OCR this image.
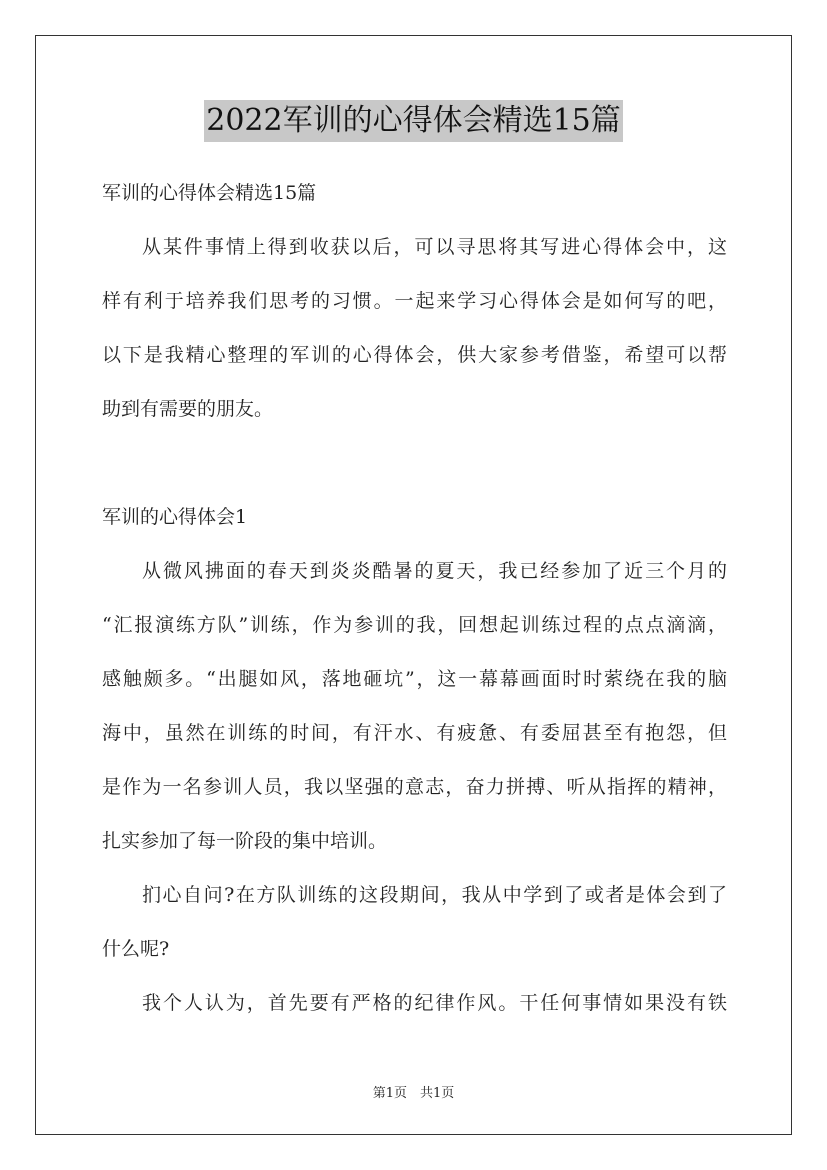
2022军训的心得体会精选15篇
军训的心得体会精选15篇
从某件事情上得到收获以后，可以寻思将其写进心得体会中，这
样有利于培养我们思考的习惯。一起来学习心得体会是如何写的吧，
以下是我精心整理的军训的心得体会，供大家参考借鉴，希望可以帮
助到有需要的朋友。
军训的心得体会1
从微风拂面的春天到炎炎酷暑的夏天，我已经参加了近三个月的
“汇报演练方队”训练，作为参训的我，回想起训练过程的点点滴滴，
感触颇多。“出腿如风，落地砸坑”，这一幕幕画面时时萦绕在我的脑
海中，虽然在训练的时间，有汗水、有疲惫、有委屈甚至有抱怨，但
是作为一名参训人员，我以坚强的意志，奋力拼搏、听从指挥的精神，
扎实参加了每一阶段的集中培训。
扪心自问?在方队训练的这段期间，我从中学到了或者是体会到了
什么呢?
我个人认为，首先要有严格的纪律作风。干任何事情如果没有铁
第1页　共1页
